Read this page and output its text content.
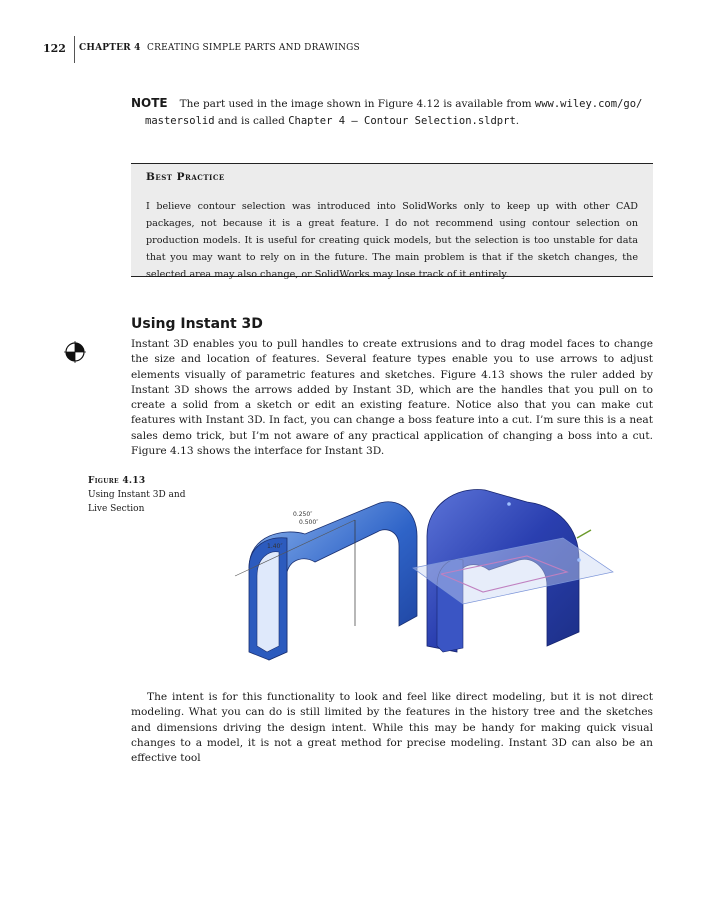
122 CHAPTER 4 CREATING SIMPLE PARTS AND DRAWINGS
NOTE The part used in the image shown in Figure 4.12 is available from www.wiley.com/go/
mastersolid and is called Chapter 4 — Contour Selection.sldprt.
Best Practice
I believe contour selection was introduced into SolidWorks only to keep up with other CAD packages, not because it is a great feature. I do not recommend using contour selection on production models. It is useful for creating quick models, but the selection is too unstable for data that you may want to rely on in the future. The main problem is that if the sketch changes, the selected area may also change, or SolidWorks may lose track of it entirely.
Using Instant 3D
Instant 3D enables you to pull handles to create extrusions and to drag model faces to change the size and location of features. Several feature types enable you to use arrows to adjust elements visually of parametric features and sketches. Figure 4.13 shows the ruler added by Instant 3D shows the arrows added by Instant 3D, which are the handles that you pull on to create a solid from a sketch or edit an existing feature. Notice also that you can make cut features with Instant 3D. In fact, you can change a boss feature into a cut. I’m sure this is a neat sales demo trick, but I’m not aware of any practical application of changing a boss into a cut. Figure 4.13 shows the interface for Instant 3D.
Figure 4.13
Using Instant 3D and Live Section
1.40″
0.250″
0.500″
The intent is for this functionality to look and feel like direct modeling, but it is not direct modeling. What you can do is still limited by the features in the history tree and the sketches and dimensions driving the design intent. While this may be handy for making quick visual changes to a model, it is not a great method for precise modeling. Instant 3D can also be an effective tool
